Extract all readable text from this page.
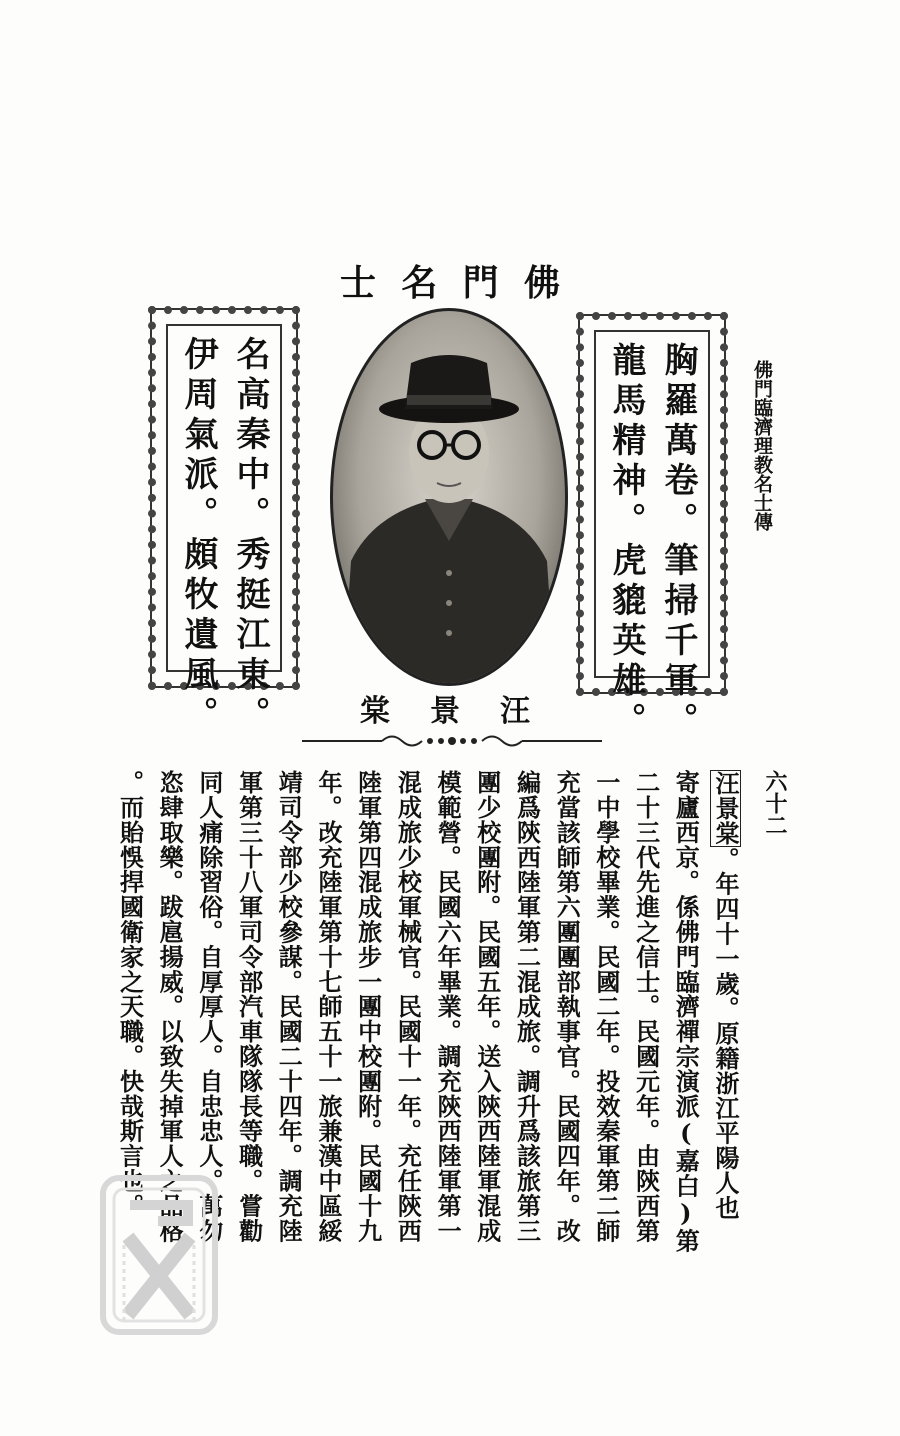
佛
門
名
士
佛門臨濟理教名士傳
胸羅萬卷。筆掃千軍。
龍馬精神。虎貔英雄。
名高秦中。秀挺江東。
伊周氣派。頗牧遺風。	汪
景
棠
六十二
汪景棠。年四十一歲。原籍浙江平陽人也
寄廬西京。係佛門臨濟禪宗演派(嘉白)第
二十三代先進之信士。民國元年。由陝西第
一中學校畢業。民國二年。投效秦軍第二師
充當該師第六團團部執事官。民國四年。改
編爲陝西陸軍第二混成旅。調升爲該旅第三
團少校團附。民國五年。送入陝西陸軍混成
模範營。民國六年畢業。調充陝西陸軍第一
混成旅少校軍械官。民國十一年。充任陝西
陸軍第四混成旅步一團中校團附。民國十九
年。改充陸軍第十七師五十一旅兼漢中區綏
靖司令部少校參謀。民國二十四年。調充陸
軍第三十八軍司令部汽車隊隊長等職。嘗勸
同人痛除習俗。自厚厚人。自忠忠人。萬勿
恣肆取樂。跋扈揚威。以致失掉軍人之品格
。而貽悞捍國衛家之天職。快哉斯言也。
